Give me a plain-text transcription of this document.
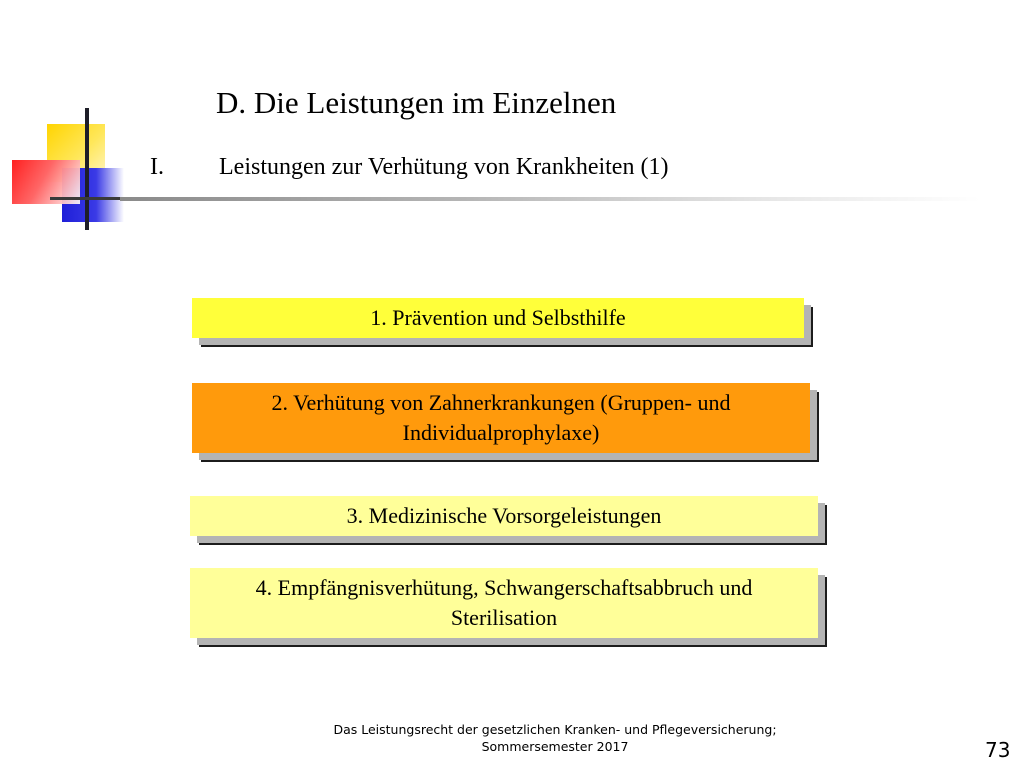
D. Die Leistungen im Einzelnen
I.	Leistungen zur Verhütung von Krankheiten (1)
1. Prävention und Selbsthilfe
2. Verhütung von Zahnerkrankungen (Gruppen- und Individualprophylaxe)
3. Medizinische Vorsorgeleistungen
4. Empfängnisverhütung, Schwangerschaftsabbruch und Sterilisation
Das Leistungsrecht der gesetzlichen Kranken- und Pflegeversicherung;
Sommersemester 2017	73
